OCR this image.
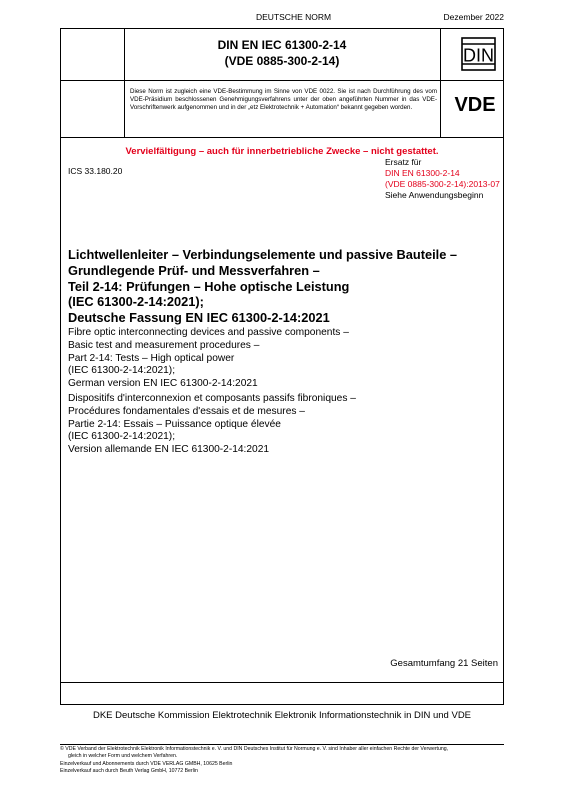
DEUTSCHE NORM	Dezember 2022
DIN EN IEC 61300-2-14
(VDE 0885-300-2-14)	DIN
Diese Norm ist zugleich eine VDE-Bestimmung im Sinne von VDE 0022. Sie ist nach Durchführung des vom VDE-Präsidium beschlossenen Genehmigungsverfahrens unter der oben angeführten Nummer in das VDE-Vorschriftenwerk aufgenommen und in der „etz Elektrotechnik + Automation“ bekannt gegeben worden.	VDE
Vervielfältigung – auch für innerbetriebliche Zwecke – nicht gestattet.
ICS 33.180.20
Ersatz für
DIN EN 61300-2-14
(VDE 0885-300-2-14):2013-07
Siehe Anwendungsbeginn
Lichtwellenleiter – Verbindungselemente und passive Bauteile –
Grundlegende Prüf- und Messverfahren –
Teil 2-14: Prüfungen – Hohe optische Leistung
(IEC 61300-2-14:2021);
Deutsche Fassung EN IEC 61300-2-14:2021
Fibre optic interconnecting devices and passive components –
Basic test and measurement procedures –
Part 2-14: Tests – High optical power
(IEC 61300-2-14:2021);
German version EN IEC 61300-2-14:2021
Dispositifs d'interconnexion et composants passifs fibroniques –
Procédures fondamentales d'essais et de mesures –
Partie 2-14: Essais – Puissance optique élevée
(IEC 61300-2-14:2021);
Version allemande EN IEC 61300-2-14:2021
Gesamtumfang 21 Seiten
DKE Deutsche Kommission Elektrotechnik Elektronik Informationstechnik in DIN und VDE
© VDE Verband der Elektrotechnik Elektronik Informationstechnik e. V. und DIN Deutsches Institut für Normung e. V. sind Inhaber aller einfachen Rechte der Verwertung,
gleich in welcher Form und welchem Verfahren.
Einzelverkauf und Abonnements durch VDE VERLAG GMBH, 10625 Berlin
Einzelverkauf auch durch Beuth Verlag GmbH, 10772 Berlin
